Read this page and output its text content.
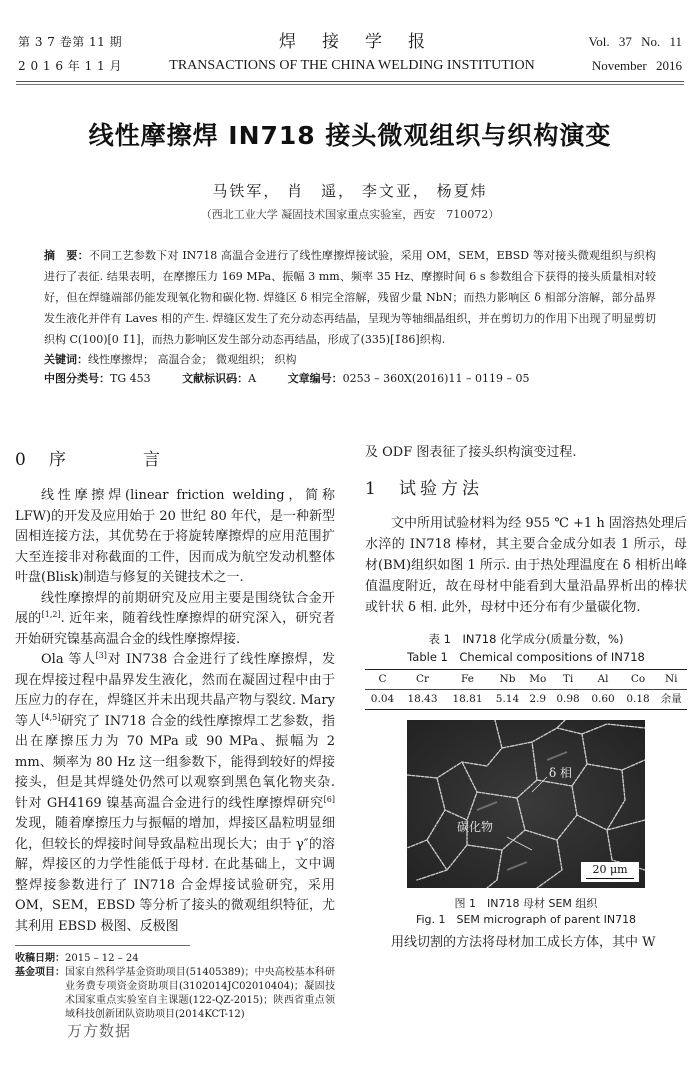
第 3 7 卷第 11 期
2 0 1 6 年 1 1 月
焊接学报
TRANSACTIONS OF THE CHINA WELDING INSTITUTION
Vol. 37 No. 11
November 2016
线性摩擦焊 IN718 接头微观组织与织构演变
马铁军， 肖　遥， 李文亚， 杨夏炜
（西北工业大学 凝固技术国家重点实验室，西安　710072）
摘　要：不同工艺参数下对 IN718 高温合金进行了线性摩擦焊接试验，采用 OM，SEM，EBSD 等对接头微观组织与织构进行了表征. 结果表明，在摩擦压力 169 MPa、振幅 3 mm、频率 35 Hz、摩擦时间 6 s 参数组合下获得的接头质量相对较好，但在焊缝端部仍能发现氧化物和碳化物. 焊缝区 δ 相完全溶解，残留少量 NbN；而热力影响区 δ 相部分溶解，部分晶界发生液化并伴有 Laves 相的产生. 焊缝区发生了充分动态再结晶，呈现为等轴细晶组织，并在剪切力的作用下出现了明显剪切织构 C(100)[0 1̄1]，而热力影响区发生部分动态再结晶，形成了(335)[1̄86]织构.
关键词：线性摩擦焊； 高温合金； 微观组织； 织构
中图分类号：TG 453	文献标识码：A	文章编号：0253 – 360X(2016)11 – 0119 – 05
0 序　言
线性摩擦焊(linear friction welding，简称 LFW)的开发及应用始于 20 世纪 80 年代，是一种新型固相连接方法，其优势在于将旋转摩擦焊的应用范围扩大至连接非对称截面的工件，因而成为航空发动机整体叶盘(Blisk)制造与修复的关键技术之一.
线性摩擦焊的前期研究及应用主要是围绕钛合金开展的[1,2]. 近年来，随着线性摩擦焊的研究深入，研究者开始研究镍基高温合金的线性摩擦焊接.
Ola 等人[3]对 IN738 合金进行了线性摩擦焊，发现在焊接过程中晶界发生液化，然而在凝固过程中由于压应力的存在，焊缝区并未出现共晶产物与裂纹. Mary 等人[4,5]研究了 IN718 合金的线性摩擦焊工艺参数，指出在摩擦压力为 70 MPa 或 90 MPa、振幅为 2 mm、频率为 80 Hz 这一组参数下，能得到较好的焊接接头，但是其焊缝处仍然可以观察到黑色氧化物夹杂. 针对 GH4169 镍基高温合金进行的线性摩擦焊研究[6]发现，随着摩擦压力与振幅的增加，焊接区晶粒明显细化，但较长的焊接时间导致晶粒出现长大；由于 γ″的溶解，焊接区的力学性能低于母材. 在此基础上，文中调整焊接参数进行了 IN718 合金焊接试验研究，采用 OM，SEM，EBSD 等分析了接头的微观组织特征，尤其利用 EBSD 极图、反极图
收稿日期： 2015 – 12 – 24
基金项目： 国家自然科学基金资助项目(51405389)；中央高校基本科研业务费专项资金资助项目(3102014JC02010404)；凝固技术国家重点实验室自主课题(122-QZ-2015)；陕西省重点领域科技创新团队资助项目(2014KCT-12)
万方数据
及 ODF 图表征了接头织构演变过程.
1 试验方法
文中所用试验材料为经 955 ℃ +1 h 固溶热处理后水淬的 IN718 棒材，其主要合金成分如表 1 所示，母材(BM)组织如图 1 所示. 由于热处理温度在 δ 相析出峰值温度附近，故在母材中能看到大量沿晶界析出的棒状或针状 δ 相. 此外，母材中还分布有少量碳化物.
表 1　IN718 化学成分(质量分数，%)
Table 1　Chemical compositions of IN718
C	Cr	Fe	Nb	Mo	Ti	Al	Co	Ni
0.04	18.43	18.81	5.14	2.9	0.98	0.60	0.18	余量
δ 相
碳化物
20 μm
图 1　IN718 母材 SEM 组织
Fig. 1　SEM micrograph of parent IN718
用线切割的方法将母材加工成长方体，其中 W
